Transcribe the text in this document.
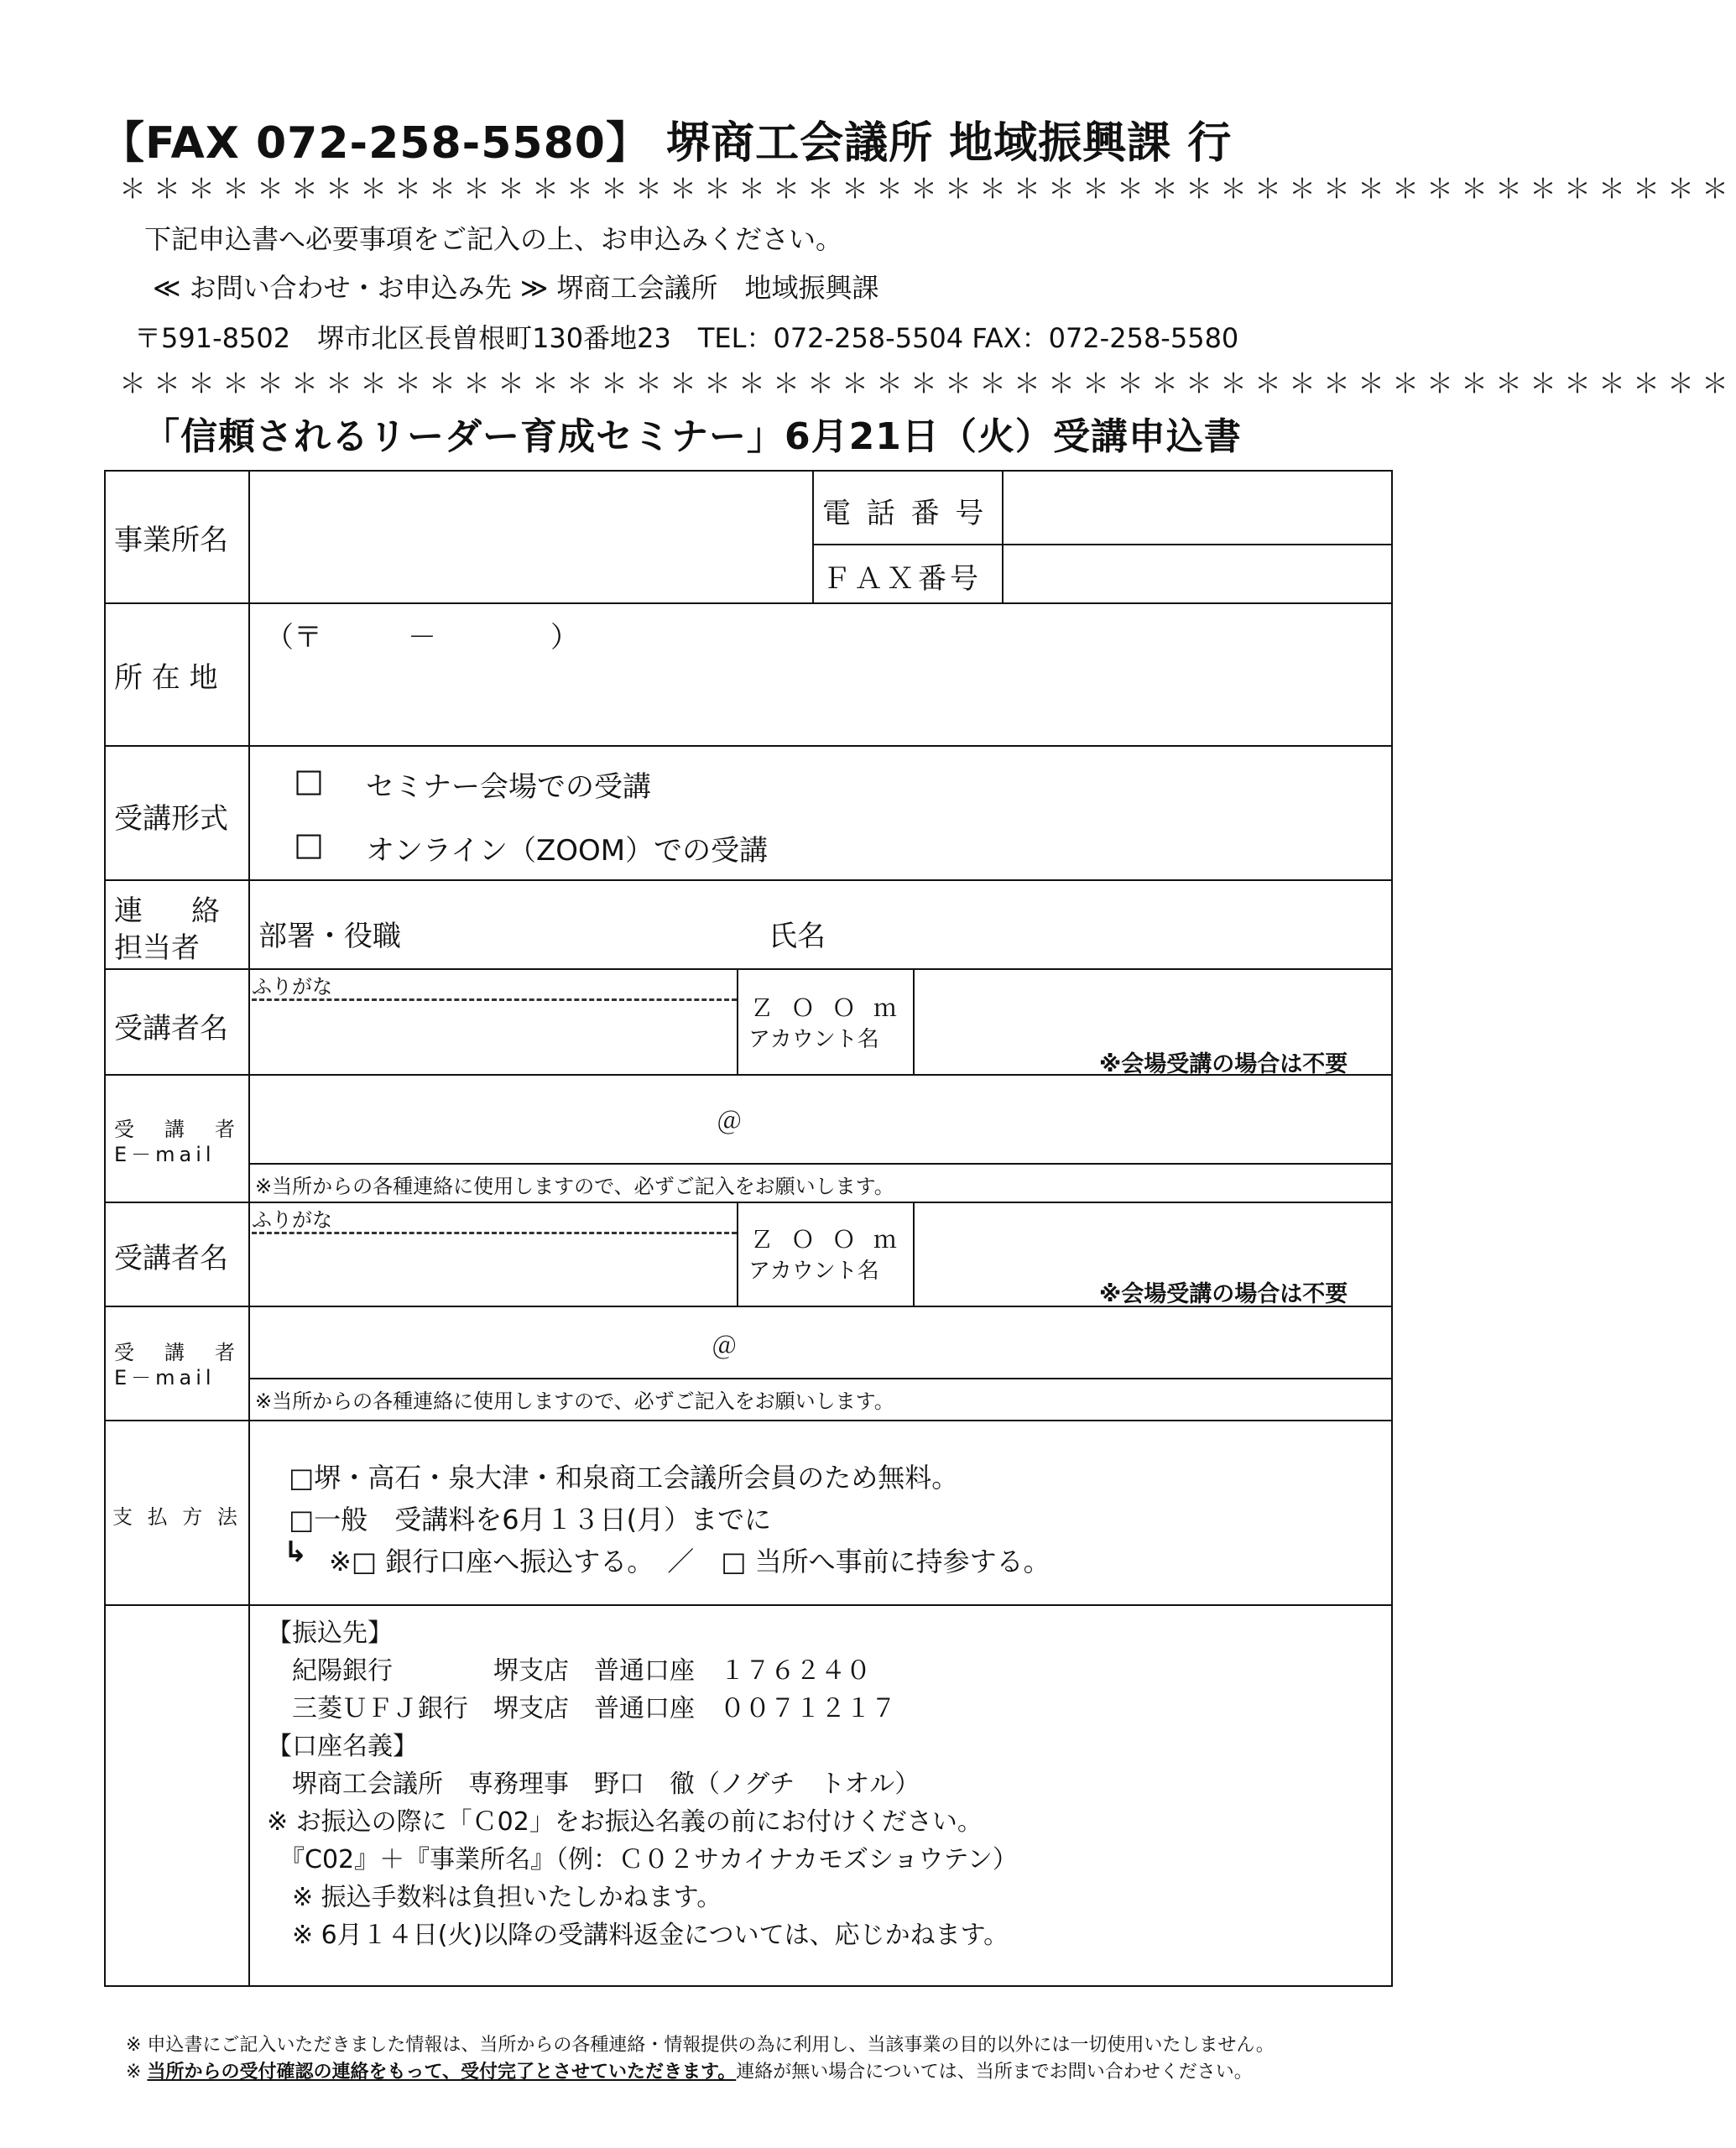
【FAX 072-258-5580】 堺商工会議所 地域振興課 行
＊＊＊＊＊＊＊＊＊＊＊＊＊＊＊＊＊＊＊＊＊＊＊＊＊＊＊＊＊＊＊＊＊＊＊＊＊＊＊＊＊＊＊＊＊＊＊
下記申込書へ必要事項をご記入の上、お申込みください。
≪ お問い合わせ・お申込み先 ≫ 堺商工会議所　地域振興課
〒591-8502　堺市北区長曽根町130番地23　TEL：072-258-5504 FAX：072-258-5580
＊＊＊＊＊＊＊＊＊＊＊＊＊＊＊＊＊＊＊＊＊＊＊＊＊＊＊＊＊＊＊＊＊＊＊＊＊＊＊＊＊＊＊＊＊＊＊
「信頼されるリーダー育成セミナー」6月21日（火）受講申込書
事業所名
電 話 番 号
ＦＡＸ番号
所 在 地
（〒　　　－　　　　）
受講形式
□ セミナー会場での受講
□ オンライン（ZOOM）での受講
連　絡
担当者 部署・役職	氏名
受講者名
ふりがな
Ｚ Ｏ Ｏ ｍ
アカウント名
※会場受講の場合は不要
受　講　者
E－mail
＠
※当所からの各種連絡に使用しますので、必ずご記入をお願いします。
受講者名
ふりがな
Ｚ Ｏ Ｏ ｍ
アカウント名
※会場受講の場合は不要
受　講　者
E－mail
＠
※当所からの各種連絡に使用しますので、必ずご記入をお願いします。
支 払 方 法
□堺・高石・泉大津・和泉商工会議所会員のため無料。
□一般　受講料を6月１３日(月）までに
↳ ※□ 銀行口座へ振込する。　／　□ 当所へ事前に持参する。
【振込先】
　紀陽銀行　　　　堺支店　普通口座　１７６２４０
　三菱ＵＦＪ銀行　堺支店　普通口座　００７１２１７
【口座名義】
　堺商工会議所　専務理事　野口　徹（ノグチ　トオル）
※ お振込の際に「Ｃ02」をお振込名義の前にお付けください。
　『C02』＋『事業所名』（例：Ｃ０２サカイナカモズショウテン）
　※ 振込手数料は負担いたしかねます。
　※ 6月１４日(火)以降の受講料返金については、応じかねます。
※ 申込書にご記入いただきました情報は、当所からの各種連絡・情報提供の為に利用し、当該事業の目的以外には一切使用いたしません。
※ 当所からの受付確認の連絡をもって、受付完了とさせていただきます。連絡が無い場合については、当所までお問い合わせください。
